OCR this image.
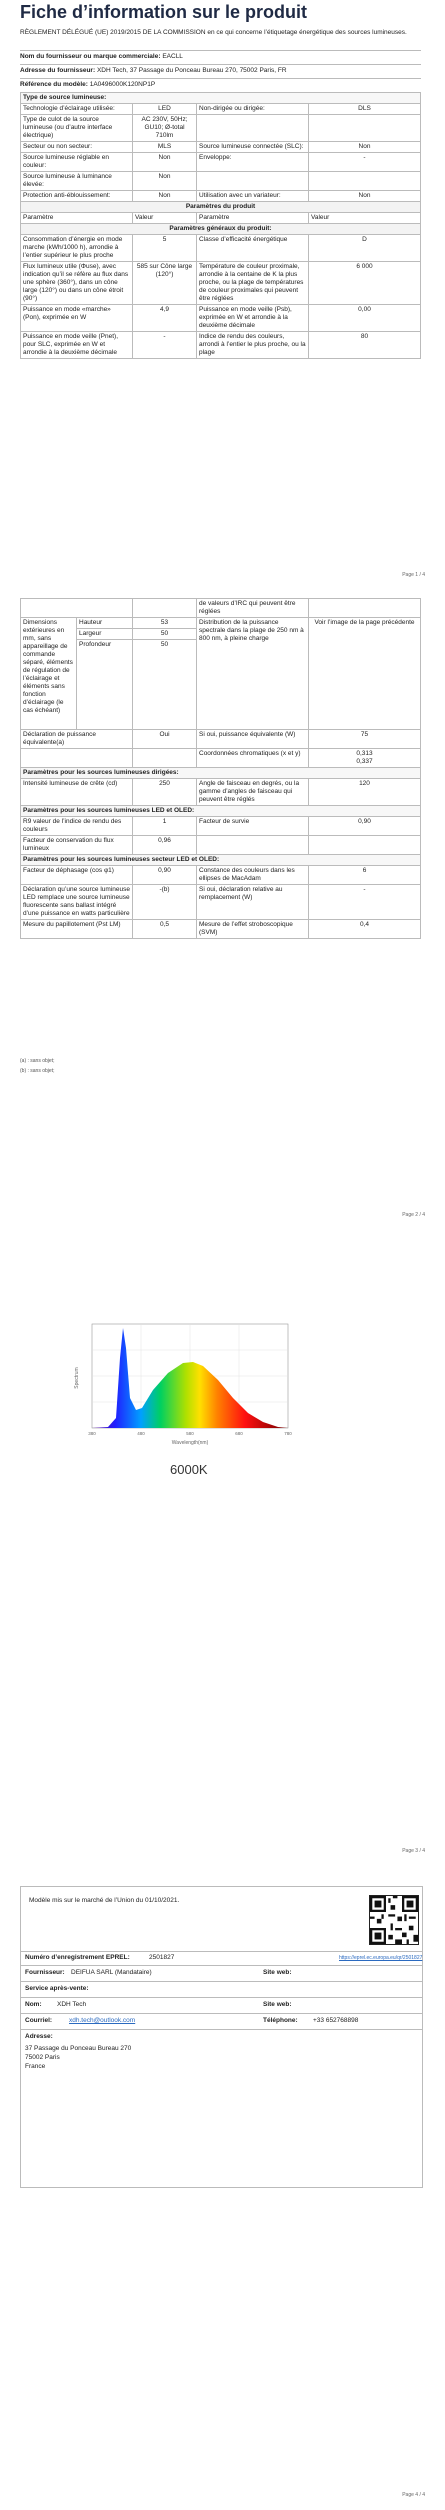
Fiche d’information sur le produit
RÈGLEMENT DÉLÉGUÉ (UE) 2019/2015 DE LA COMMISSION en ce qui concerne l’étiquetage énergétique des sources lumineuses.
Nom du fournisseur ou marque commerciale: EACLL
Adresse du fournisseur: XDH Tech, 37 Passage du Ponceau Bureau 270, 75002 Paris, FR
Référence du modèle: 1A0496000K120NP1P
Type de source lumineuse:			
Technologie d’éclairage utilisée:	LED	Non-dirigée ou dirigée:	DLS
Type de culot de la source lumineuse (ou d’autre interface électrique)	AC 230V, 50Hz; GU10; Ø-total 710lm		
Secteur ou non secteur:	MLS	Source lumineuse connectée (SLC):	Non
Source lumineuse réglable en couleur:	Non	Enveloppe:	-
Source lumineuse à luminance élevée:	Non		
Protection anti-éblouissement:	Non	Utilisation avec un variateur:	Non
Paramètres du produit			
Paramètre	Valeur	Paramètre	Valeur
Paramètres généraux du produit:			
Consommation d’énergie en mode marche (kWh/1000 h), arrondie à l’entier supérieur le plus proche	5	Classe d’efficacité énergétique	D
Flux lumineux utile (Φuse), avec indication qu’il se réfère au flux dans une sphère (360°), dans un cône large (120°) ou dans un cône étroit (90°)	585 sur Cône large (120°)	Température de couleur proximale, arrondie à la centaine de K la plus proche, ou la plage de températures de couleur proximales qui peuvent être réglées	6 000
Puissance en mode «marche» (Pon), exprimée en W	4,9	Puissance en mode veille (Psb), exprimée en W et arrondie à la deuxième décimale	0,00
Puissance en mode veille (Pnet), pour SLC, exprimée en W et arrondie à la deuxième décimale	-	Indice de rendu des couleurs, arrondi à l’entier le plus proche, ou la plage	80
Page 1 / 4
			de valeurs d’IRC qui peuvent être réglées	
Dimensions extérieures en mm, sans appareillage de commande séparé, éléments de régulation de l’éclairage et éléments sans fonction d’éclairage (le cas échéant)	Hauteur	53	Distribution de la puissance spectrale dans la plage de 250 nm à 800 nm, à pleine charge	Voir l’image de la page précédente
	Largeur	50		
	Profondeur	50		
Déclaration de puissance équivalente(a)		Oui	Si oui, puissance équivalente (W)	75
			Coordonnées chromatiques (x et y)	0,313
0,337
Paramètres pour les sources lumineuses dirigées:				
Intensité lumineuse de crête (cd)		250	Angle de faisceau en degrés, ou la gamme d’angles de faisceau qui peuvent être réglés	120
Paramètres pour les sources lumineuses LED et OLED:				
R9 valeur de l’indice de rendu des couleurs		1	Facteur de survie	0,90
Facteur de conservation du flux lumineux		0,96		
Paramètres pour les sources lumineuses secteur LED et OLED:				
Facteur de déphasage (cos φ1)		0,90	Constance des couleurs dans les ellipses de MacAdam	6
Déclaration qu’une source lumineuse LED remplace une source lumineuse fluorescente sans ballast intégré d’une puissance en watts particulière		-(b)	Si oui, déclaration relative au remplacement (W)	-
Mesure du papillotement (Pst LM)		0,5	Mesure de l’effet stroboscopique (SVM)	0,4
(a) : sans objet;
(b) : sans objet;
Page 2 / 4
Spectrum
Wavelength(nm)
380	480	580	680	780
6000K
Page 3 / 4
Modèle mis sur le marché de l’Union du 01/10/2021.
Numéro d’enregistrement EPREL:	2501827	https://eprel.ec.europa.eu/qr/2501827
Fournisseur: DEIFUA SARL (Mandataire)	Site web:
Service après-vente:
Nom: XDH Tech	Site web:
Courriel:	xdh.tech@outlook.com	Téléphone: +33 652768898
Adresse:
37 Passage du Ponceau Bureau 270
75002 Paris
France
Page 4 / 4
